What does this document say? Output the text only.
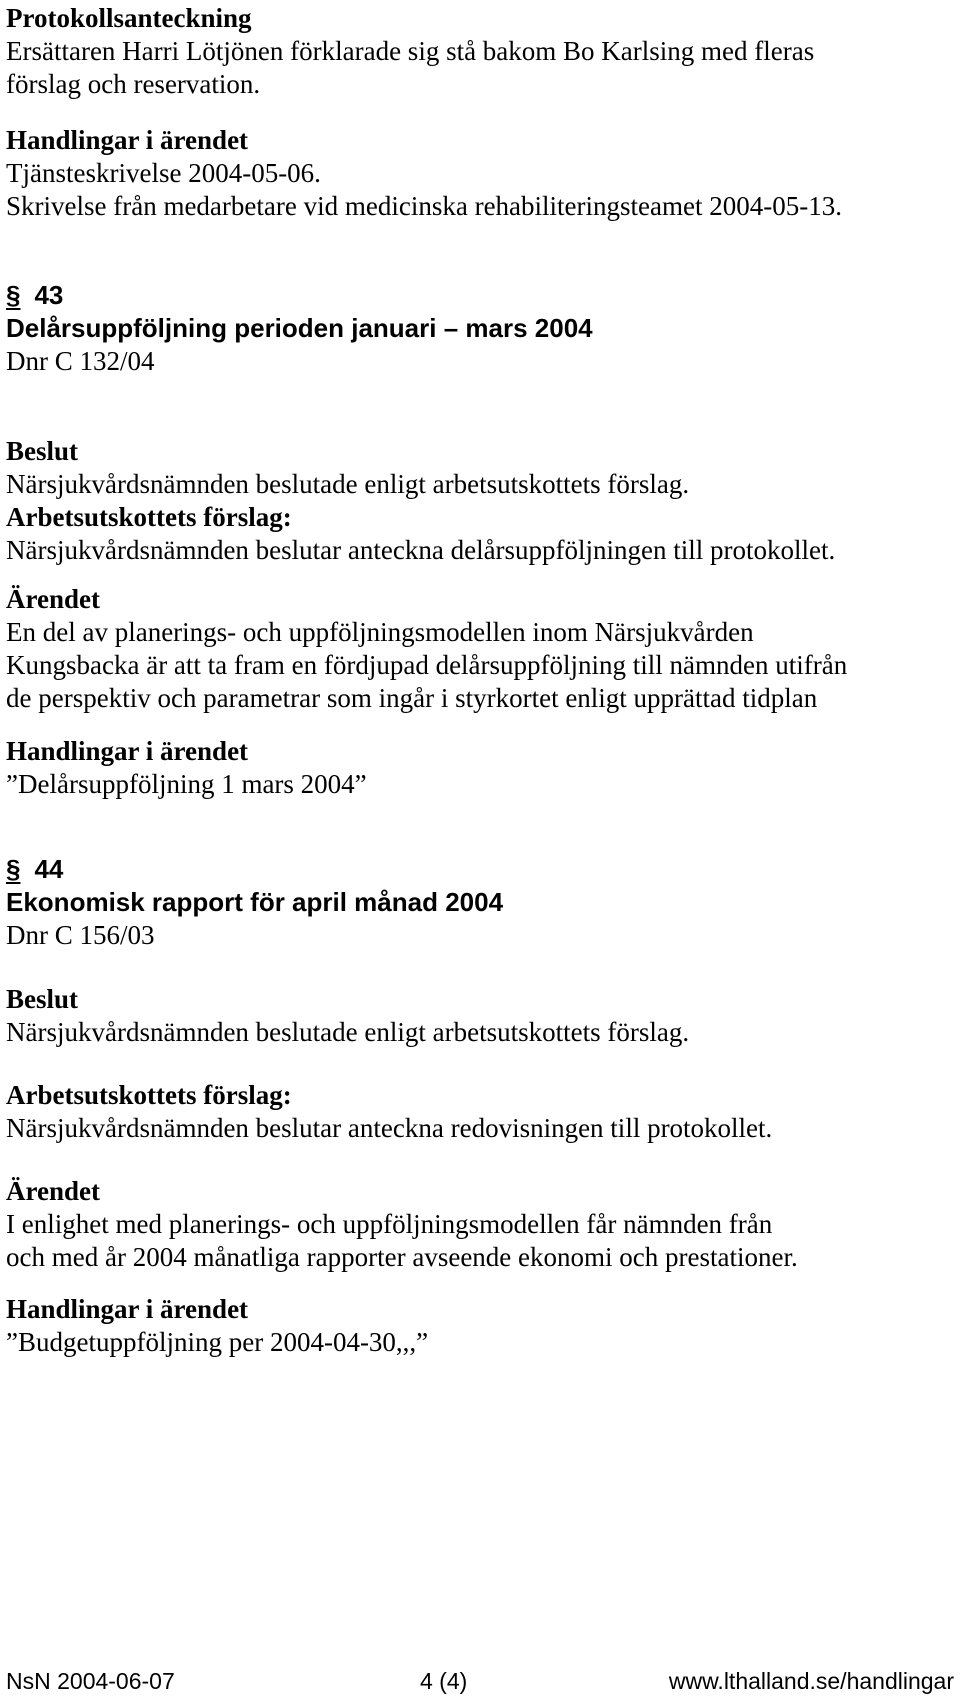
Protokollsanteckning
Ersättaren Harri Lötjönen förklarade sig stå bakom Bo Karlsing med fleras
förslag och reservation.
Handlingar i ärendet
Tjänsteskrivelse 2004-05-06.
Skrivelse från medarbetare vid medicinska rehabiliteringsteamet 2004-05-13.
§ 43
Delårsuppföljning perioden januari – mars 2004
Dnr C 132/04
Beslut
Närsjukvårdsnämnden beslutade enligt arbetsutskottets förslag.
Arbetsutskottets förslag:
Närsjukvårdsnämnden beslutar anteckna delårsuppföljningen till protokollet.
Ärendet
En del av planerings- och uppföljningsmodellen inom Närsjukvården
Kungsbacka är att ta fram en fördjupad delårsuppföljning till nämnden utifrån
de perspektiv och parametrar som ingår i styrkortet enligt upprättad tidplan
Handlingar i ärendet
”Delårsuppföljning 1 mars 2004”
§ 44
Ekonomisk rapport för april månad 2004
Dnr C 156/03
Beslut
Närsjukvårdsnämnden beslutade enligt arbetsutskottets förslag.
Arbetsutskottets förslag:
Närsjukvårdsnämnden beslutar anteckna redovisningen till protokollet.
Ärendet
I enlighet med planerings- och uppföljningsmodellen får nämnden från
och med år 2004 månatliga rapporter avseende ekonomi och prestationer.
Handlingar i ärendet
”Budgetuppföljning per 2004-04-30,,,”
NsN 2004-06-07	4 (4)	www.lthalland.se/handlingar
